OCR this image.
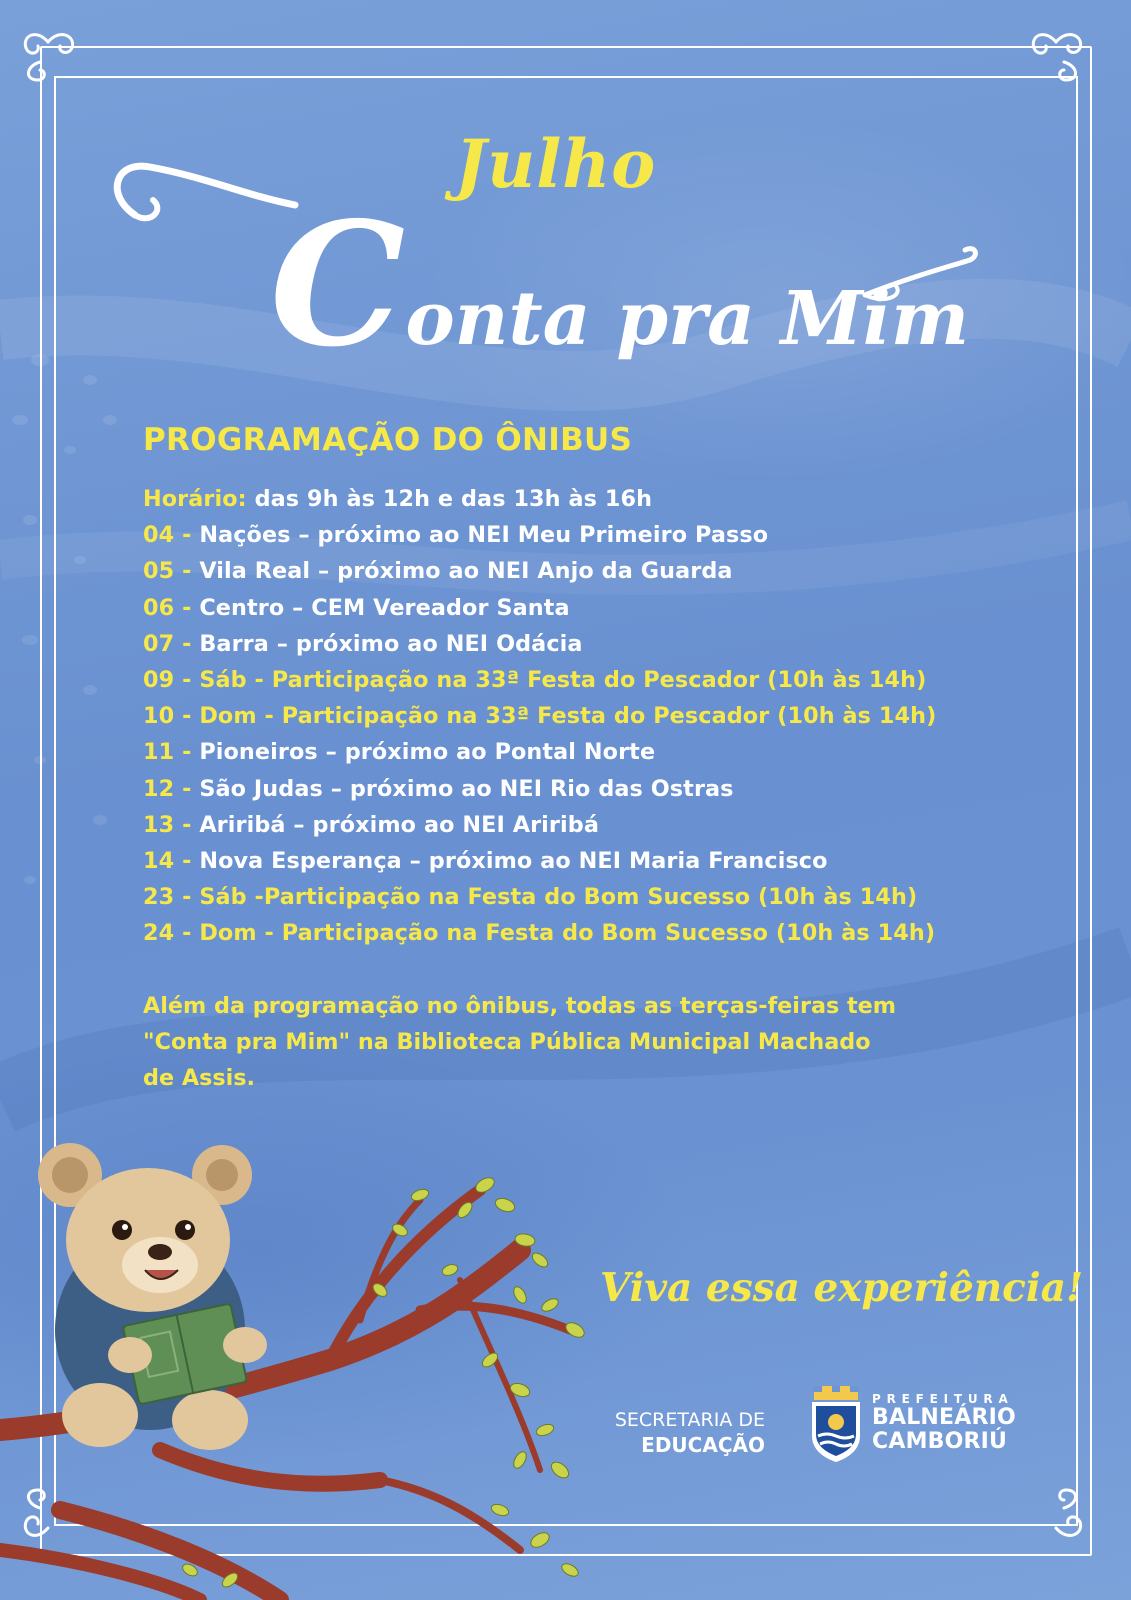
Julho
Conta pra Mim
PROGRAMAÇÃO DO ÔNIBUS
Horário: das 9h às 12h e das 13h às 16h
04 - Nações – próximo ao NEI Meu Primeiro Passo
05 - Vila Real – próximo ao NEI Anjo da Guarda
06 - Centro – CEM Vereador Santa
07 - Barra – próximo ao NEI Odácia
09 - Sáb - Participação na 33ª Festa do Pescador (10h às 14h)
10 - Dom - Participação na 33ª Festa do Pescador (10h às 14h)
11 - Pioneiros – próximo ao Pontal Norte
12 - São Judas – próximo ao NEI Rio das Ostras
13 - Ariribá – próximo ao NEI Ariribá
14 - Nova Esperança – próximo ao NEI Maria Francisco
23 - Sáb -Participação na Festa do Bom Sucesso (10h às 14h)
24 - Dom - Participação na Festa do Bom Sucesso (10h às 14h)
Além da programação no ônibus, todas as terças-feiras tem
"Conta pra Mim" na Biblioteca Pública Municipal Machado
de Assis.
Viva essa experiência!
SECRETARIA DE
EDUCAÇÃO
PREFEITURA
BALNEÁRIO
CAMBORIÚ
